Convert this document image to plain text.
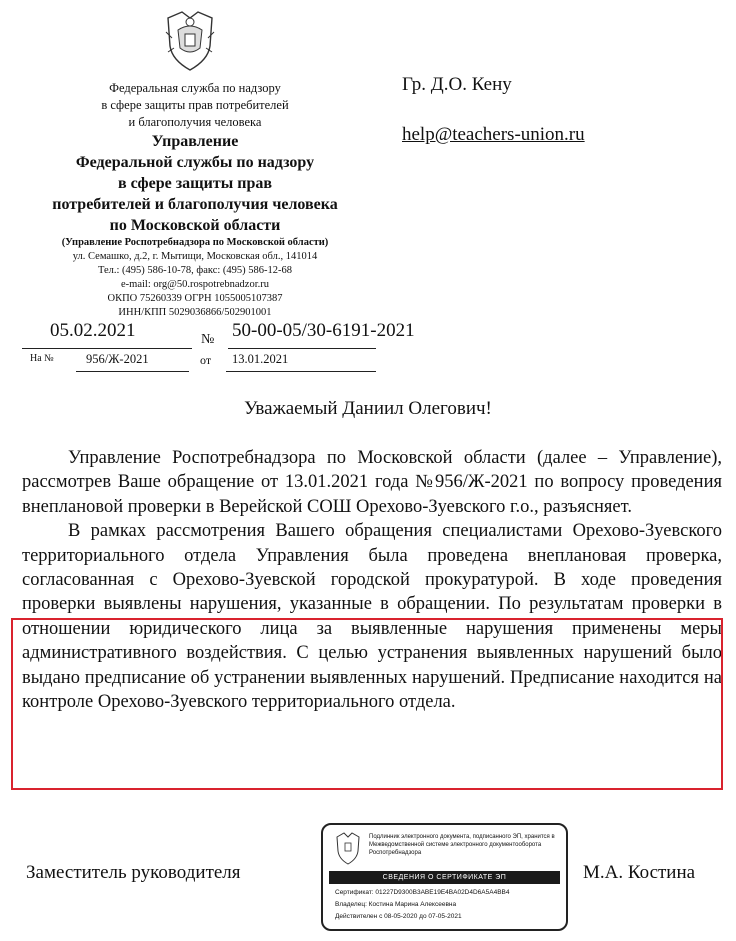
Федеральная служба по надзору
в сфере защиты прав потребителей
и благополучия человека
Управление
Федеральной службы по надзору
в сфере защиты прав
потребителей и благополучия человека
по Московской области
(Управление Роспотребнадзора по Московской области)
ул. Семашко, д.2, г. Мытищи, Московская обл., 141014
Тел.: (495) 586-10-78, факс: (495) 586-12-68
e-mail: org@50.rospotrebnadzor.ru
ОКПО 75260339 ОГРН 1055005107387
ИНН/КПП 5029036866/502901001
Гр. Д.О. Кену
help@teachers-union.ru
05.02.2021	№ 50-00-05/30-6191-2021
На №	956/Ж-2021	от 13.01.2021
Уважаемый Даниил Олегович!

Управление Роспотребнадзора по Московской области (далее – Управление), рассмотрев Ваше обращение от 13.01.2021 года №956/Ж-2021 по вопросу проведения внеплановой проверки в Верейской СОШ Орехово-Зуевского г.о., разъясняет.

В рамках рассмотрения Вашего обращения специалистами Орехово-Зуевского территориального отдела Управления была проведена внеплановая проверка, согласованная с Орехово-Зуевской городской прокуратурой. В ходе проведения проверки выявлены нарушения, указанные в обращении. По результатам проверки в отношении юридического лица за выявленные нарушения применены меры административного воздействия. С целью устранения выявленных нарушений было выдано предписание об устранении выявленных нарушений. Предписание находится на контроле Орехово-Зуевского территориального отдела.

Заместитель руководителя	М.А. Костина
Подлинник электронного документа, подписанного ЭП, хранится в Межведомственной системе электронного документооборота Роспотребнадзора
СВЕДЕНИЯ О СЕРТИФИКАТЕ ЭП
Сертификат: 01227D9300B3ABE19E4BA02D4D6A5A4BB4
Владелец: Костина Марина Алексеевна
Действителен с 08-05-2020 до 07-05-2021
